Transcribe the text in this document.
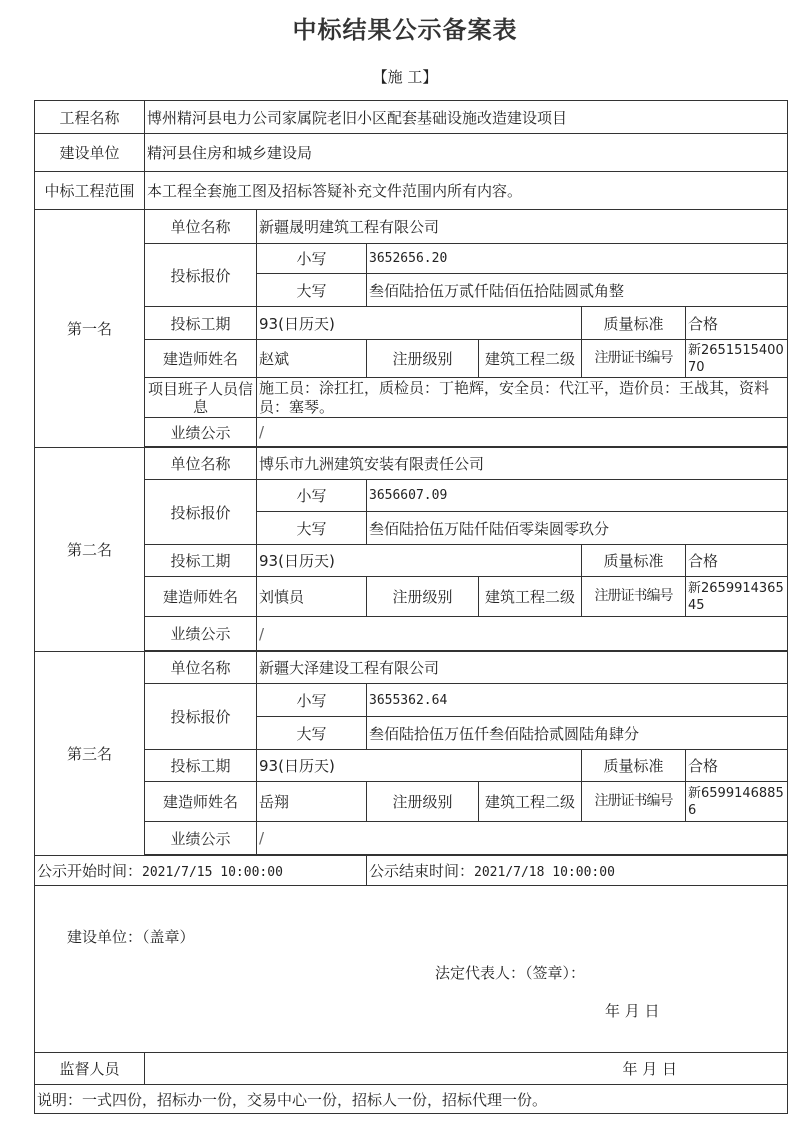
中标结果公示备案表
【施 工】
工程名称	博州精河县电力公司家属院老旧小区配套基础设施改造建设项目					
建设单位	精河县住房和城乡建设局					
中标工程范围	本工程全套施工图及招标答疑补充文件范围内所有内容。					
第一名	单位名称	新疆晟明建筑工程有限公司				
	投标报价	小写	3652656.20			
		大写	叁佰陆拾伍万贰仟陆佰伍拾陆圆贰角整			
	投标工期	93(日历天)			质量标准	合格
	建造师姓名	赵斌	注册级别	建筑工程二级	注册证书编号	新265151540070
	项目班子人员信息	施工员：涂扛扛，质检员：丁艳辉，安全员：代江平，造价员：王战其，资料员：塞琴。				
	业绩公示	/				

第二名	单位名称	博乐市九洲建筑安装有限责任公司				
	投标报价	小写	3656607.09			
		大写	叁佰陆拾伍万陆仟陆佰零柒圆零玖分			
	投标工期	93(日历天)			质量标准	合格
	建造师姓名	刘慎员	注册级别	建筑工程二级	注册证书编号	新265991436545
	业绩公示	/				

第三名	单位名称	新疆大泽建设工程有限公司				
	投标报价	小写	3655362.64			
		大写	叁佰陆拾伍万伍仟叁佰陆拾贰圆陆角肆分			
	投标工期	93(日历天)			质量标准	合格
	建造师姓名	岳翔	注册级别	建筑工程二级	注册证书编号	新65991468856
	业绩公示	/				

公示开始时间：2021/7/15 10:00:00			公示结束时间：2021/7/18 10:00:00			

建设单位：（盖章）
法定代表人：（签章）：
年 月 日						

监督人员	年 月 日					
说明：一式四份，招标办一份，交易中心一份，招标人一份，招标代理一份。						
